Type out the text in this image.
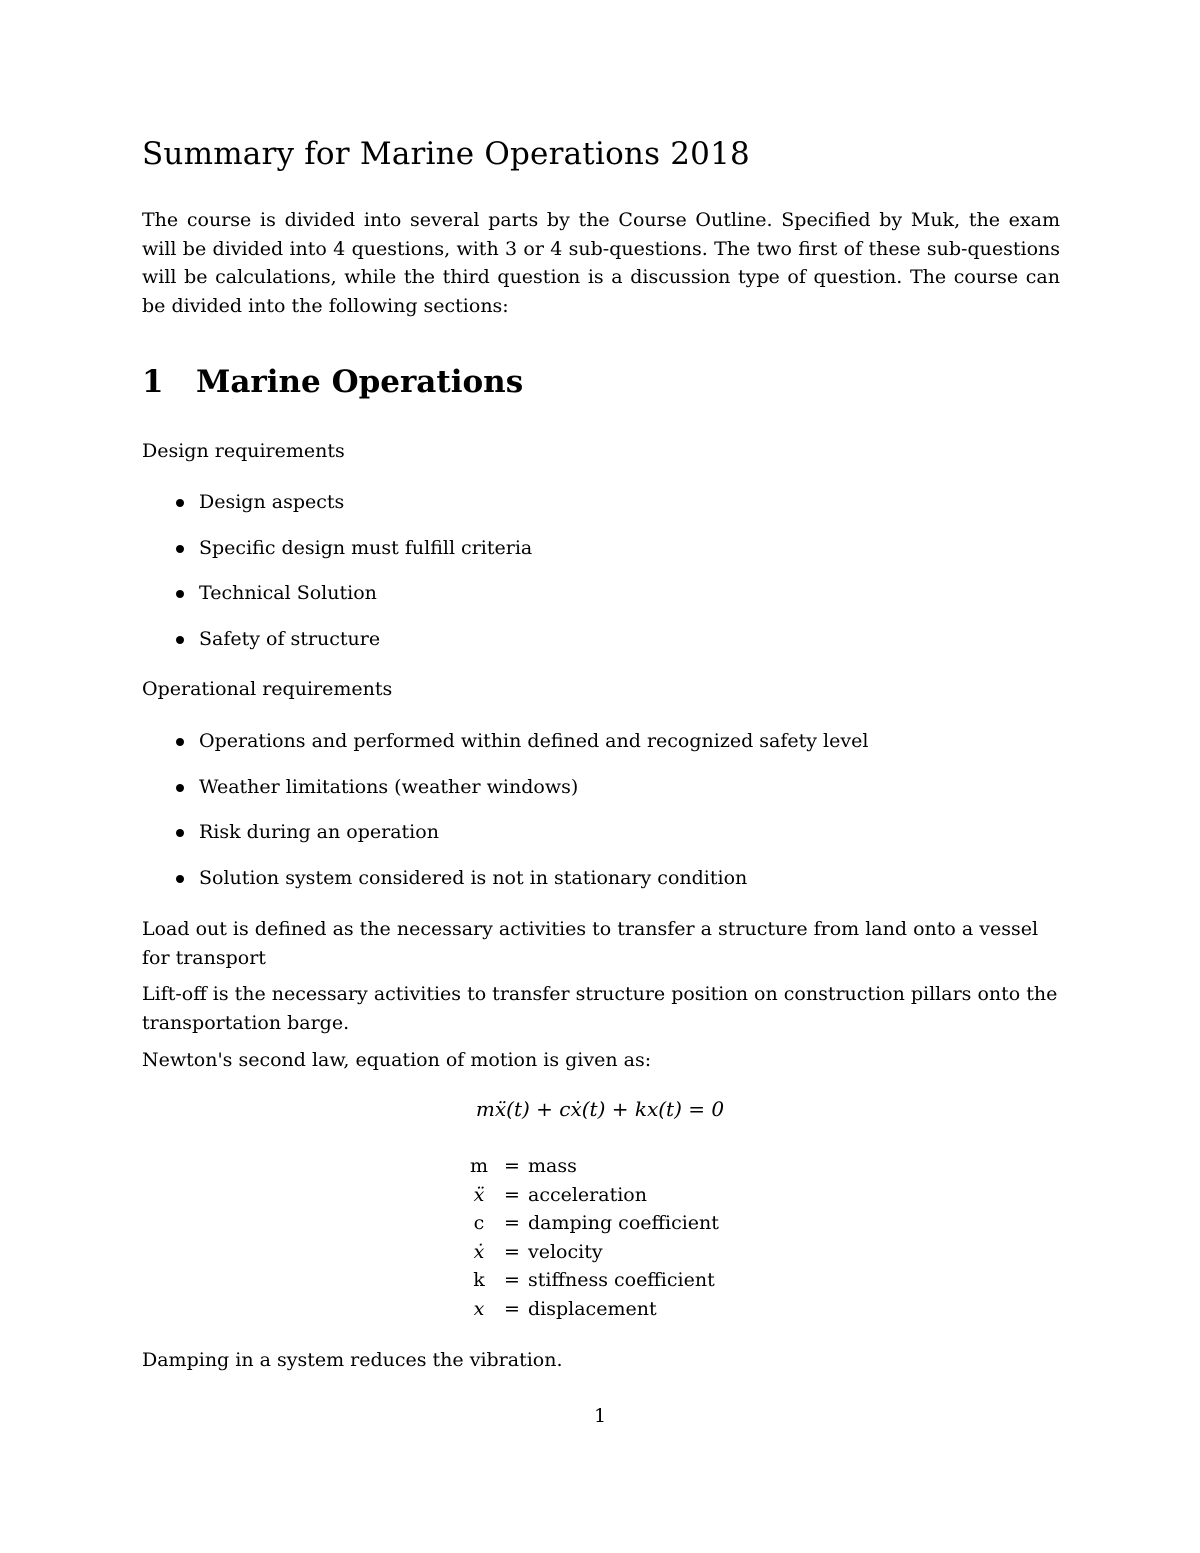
Summary for Marine Operations 2018

The course is divided into several parts by the Course Outline. Specified by Muk, the exam will be divided into 4 questions, with 3 or 4 sub-questions. The two first of these sub-questions will be calculations, while the third question is a discussion type of question. The course can be divided into the following sections:

1 Marine Operations

Design requirements

Design aspects
Specific design must fulfill criteria
Technical Solution
Safety of structure

Operational requirements

Operations and performed within defined and recognized safety level
Weather limitations (weather windows)
Risk during an operation
Solution system considered is not in stationary condition

Load out is defined as the necessary activities to transfer a structure from land onto a vessel for transport

Lift-off is the necessary activities to transfer structure position on construction pillars onto the transportation barge.

Newton's second law, equation of motion is given as:

mẍ(t) + cẋ(t) + kx(t) = 0

m	=	mass
ẍ	=	acceleration
c	=	damping coefficient
ẋ	=	velocity
k	=	stiffness coefficient
x	=	displacement

Damping in a system reduces the vibration.

1
